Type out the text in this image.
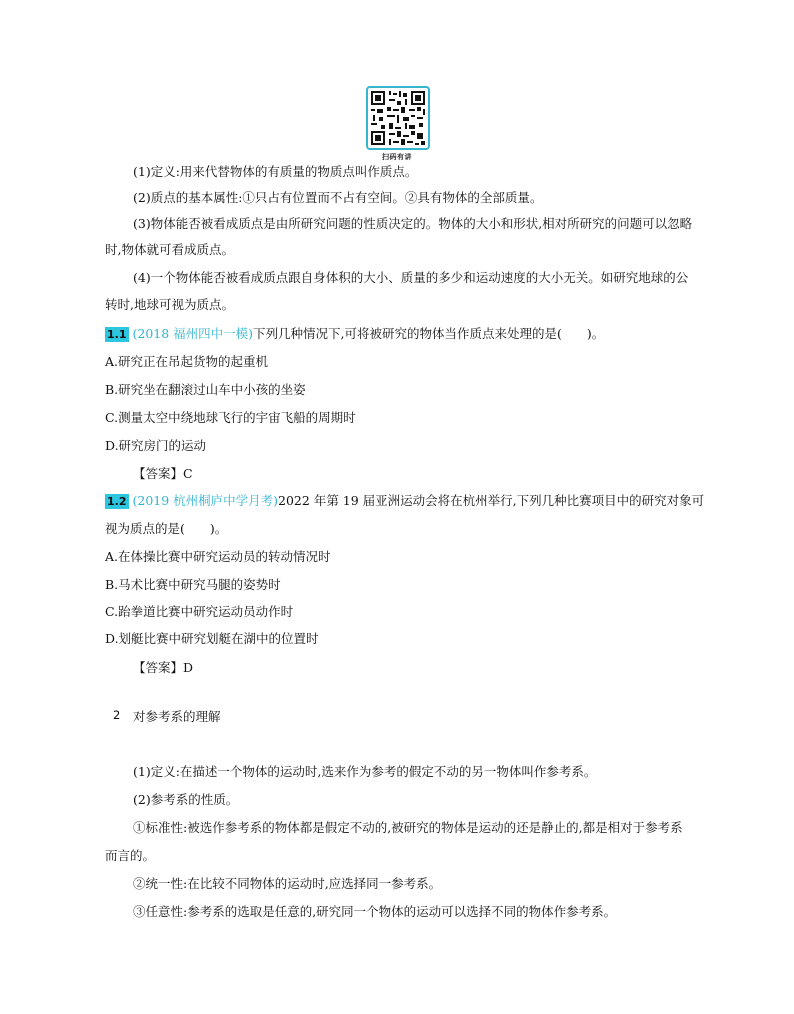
扫码有讲
(1)定义:用来代替物体的有质量的物质点叫作质点。
(2)质点的基本属性:①只占有位置而不占有空间。②具有物体的全部质量。
(3)物体能否被看成质点是由所研究问题的性质决定的。物体的大小和形状,相对所研究的问题可以忽略
时,物体就可看成质点。
(4)一个物体能否被看成质点跟自身体积的大小、质量的多少和运动速度的大小无关。如研究地球的公
转时,地球可视为质点。
1.1 (2018 福州四中一模)下列几种情况下,可将被研究的物体当作质点来处理的是(　　)。
A.研究正在吊起货物的起重机
B.研究坐在翻滚过山车中小孩的坐姿
C.测量太空中绕地球飞行的宇宙飞船的周期时
D.研究房门的运动
【答案】C
1.2 (2019 杭州桐庐中学月考)2022 年第 19 届亚洲运动会将在杭州举行,下列几种比赛项目中的研究对象可
视为质点的是(　　)。
A.在体操比赛中研究运动员的转动情况时
B.马术比赛中研究马腿的姿势时
C.跆拳道比赛中研究运动员动作时
D.划艇比赛中研究划艇在湖中的位置时
【答案】D
2 对参考系的理解
(1)定义:在描述一个物体的运动时,选来作为参考的假定不动的另一物体叫作参考系。
(2)参考系的性质。
①标准性:被选作参考系的物体都是假定不动的,被研究的物体是运动的还是静止的,都是相对于参考系
而言的。
②统一性:在比较不同物体的运动时,应选择同一参考系。
③任意性:参考系的选取是任意的,研究同一个物体的运动可以选择不同的物体作参考系。
